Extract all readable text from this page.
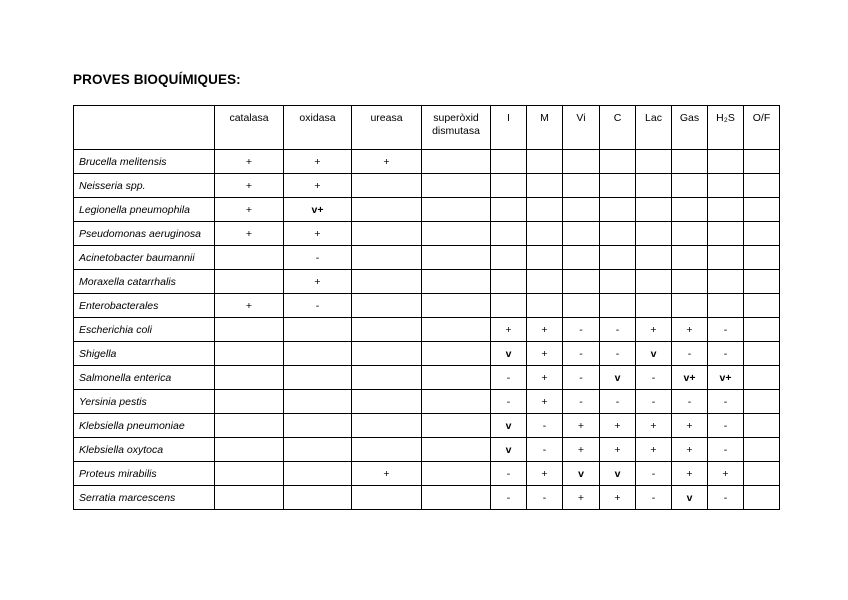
PROVES BIOQUÍMIQUES:
	catalasa	oxidasa	ureasa	superòxid dismutasa	I	M	Vi	C	Lac	Gas	H₂S	O/F
Brucella melitensis	+	+	+									
Neisseria spp.	+	+										
Legionella pneumophila	+	v+										
Pseudomonas aeruginosa	+	+										
Acinetobacter baumannii		-										
Moraxella catarrhalis		+										
Enterobacterales	+	-										
Escherichia coli					+	+	-	-	+	+	-	
Shigella					v	+	-	-	v	-	-	
Salmonella enterica					-	+	-	v	-	v+	v+	
Yersinia pestis					-	+	-	-	-	-	-	
Klebsiella pneumoniae					v	-	+	+	+	+	-	
Klebsiella oxytoca					v	-	+	+	+	+	-	
Proteus mirabilis			+		-	+	v	v	-	+	+	
Serratia marcescens					-	-	+	+	-	v	-	
